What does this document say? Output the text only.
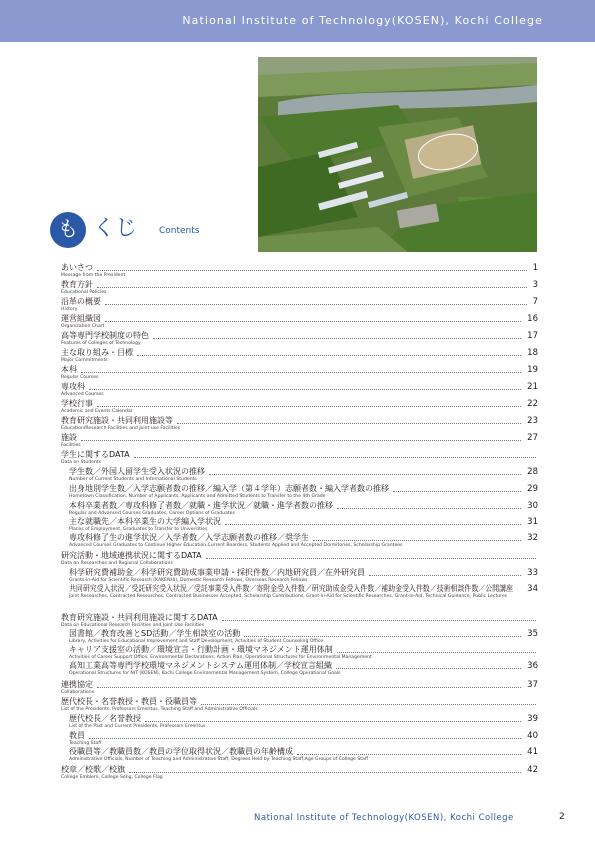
National Institute of Technology(KOSEN), Kochi College
も くじ Contents
あいさつ	1
Message from the President
教育方針	3
Educational Policies
沿革の概要	7
History
運営組織図	16
Organization Chart
高等専門学校制度の特色	17
Features of Colleges of Technology
主な取り組み・目標	18
Major Commitments
本科	19
Regular Courses
専攻科	21
Advanced Courses
学校行事	22
Academic and Events Calendar
教育研究施設・共同利用施設等	23
Education/Research Facilities and Joint use Facilities
施設	27
Facilities
学生に関するDATA
Data on Students
学生数／外国人留学生受入状況の推移	28
Number of Current Students and International Students
出身地別学生数／入学志願者数の推移／編入学（第４学年）志願者数・編入学者数の推移	29
Hometown Classification, Number of Applicants, Applicants and Admitted Students to Transfer to the 4th Grade
本科卒業者数／専攻科修了者数／就職・進学状況／就職・進学者数の推移	30
Regular and Advanced Courses Graduates, Career Options of Graduates
主な就職先／本科卒業生の大学編入学状況	31
Places of Employment, Graduates to Transfer to Universities
専攻科修了生の進学状況／入学者数／入学志願者数の推移／奨学生	32
Advanced Courses Graduates to Continue Higher Education,Current Boarders, Students Applied and Accepted Dormitories, Scholarship Grantees
研究活動・地域連携状況に関するDATA
Data on Researches and Regional Collaborations
科学研究費補助金／科学研究費助成事業申請・採択件数／内地研究員／在外研究員	33
Grants-in-Aid for Scientific Research (KAKENHI), Domestic Research Fellows, Overseas Research Fellows
共同研究受入状況／受託研究受入状況／受託事業受入件数／寄附金受入件数／研究助成金受入件数／補助金受入件数／技術相談件数／公開講座 34
Joint Researches, Contracted Researches, Contracted Businesses Accepted, Scholarship Contributions, Grant-in-Aid for Scientific Researches, Grant-in-Aid, Technical Guidance, Public Lectures
教育研究施設・共同利用施設に関するDATA
Data on Educational Research Facilities and Joint Use Facilities
図書館／教育改善とSD活動／学生相談室の活動	35
Library, Activities for Educational Improvement and Staff Development, Activities of Student Counseling Office
キャリア支援室の活動／環境宣言・行動計画・環境マネジメント運用体制
Activities of Career Support Office, Environmental Declarations, Action Plan, Operational Structures for Environmental Management
高知工業高等専門学校環境マネジメントシステム運用体制／学校宣言組織	36
Operational Structures for NIT (KOSEN), Kochi College Environmental Management System, College Operational Goals
連携協定	37
Collaborations
歴代校長・名誉教授・教員・役職員等
List of the Presidents, Professors Emeritus, Teaching Staff and Administrative Officials
歴代校長／名誉教授	39
List of the Past and Current Presidents, Professors Emeritus
教員	40
Teaching Staff
役職員等／教職員数／教員の学位取得状況／教職員の年齢構成	41
Administrative Officials, Number of Teaching and Administrative Staff, Degrees Held by Teaching Staff,Age Groups of College Staff
校章／校歌／校旗	42
College Emblem, College Song, College Flag
National Institute of Technology(KOSEN), Kochi College	2
